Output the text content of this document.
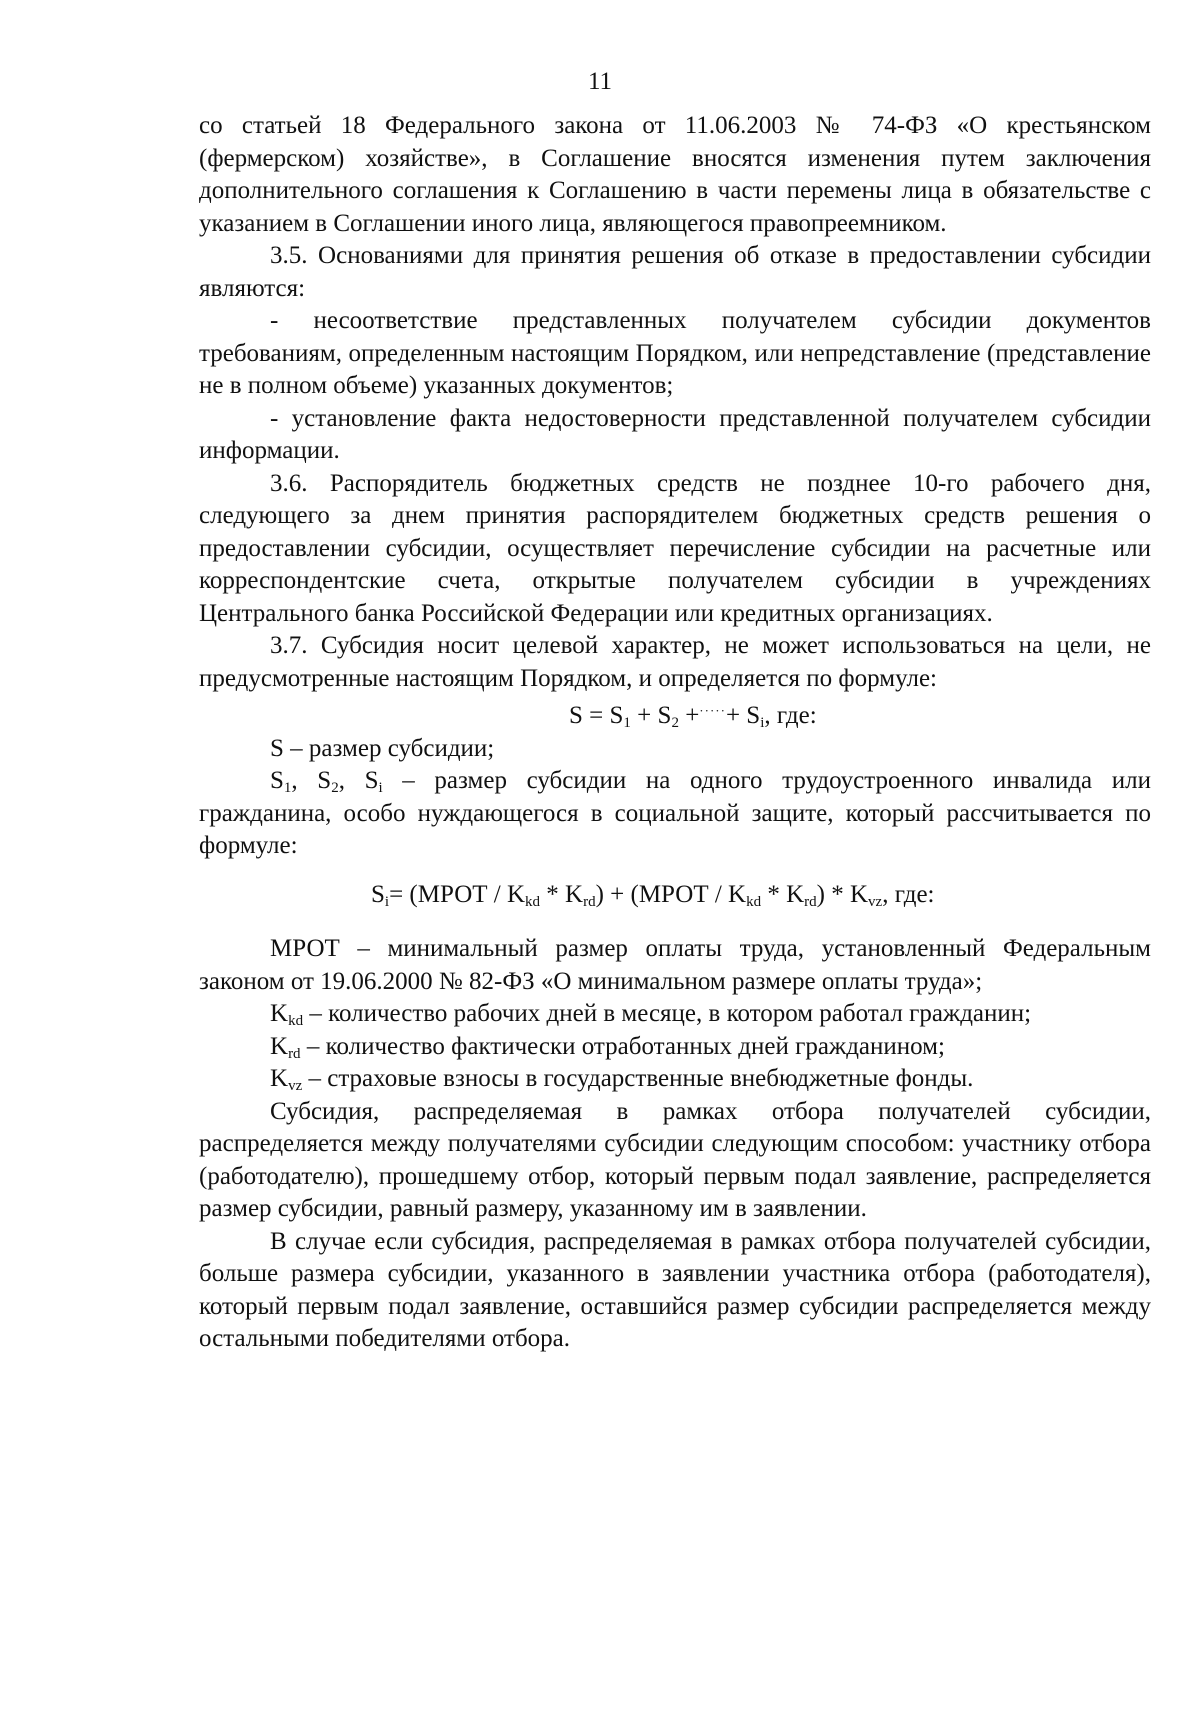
11

со статьей 18 Федерального закона от 11.06.2003 № 74-ФЗ «О крестьянском (фермерском) хозяйстве», в Соглашение вносятся изменения путем заключения дополнительного соглашения к Соглашению в части перемены лица в обязательстве с указанием в Соглашении иного лица, являющегося правопреемником.

3.5. Основаниями для принятия решения об отказе в предоставлении субсидии являются:

- несоответствие представленных получателем субсидии документов требованиям, определенным настоящим Порядком, или непредставление (представление не в полном объеме) указанных документов;

- установление факта недостоверности представленной получателем субсидии информации.

3.6. Распорядитель бюджетных средств не позднее 10-го рабочего дня, следующего за днем принятия распорядителем бюджетных средств решения о предоставлении субсидии, осуществляет перечисление субсидии на расчетные или корреспондентские счета, открытые получателем субсидии в учреждениях Центрального банка Российской Федерации или кредитных организациях.

3.7. Субсидия носит целевой характер, не может использоваться на цели, не предусмотренные настоящим Порядком, и определяется по формуле:

$S = S_1 + S_2 +^{\cdot\cdot\cdot\cdot\cdot}+ S_i$, где:

S – размер субсидии;

$S_1$, $S_2$, $S_i$ – размер субсидии на одного трудоустроенного инвалида или гражданина, особо нуждающегося в социальной защите, который рассчитывается по формуле:

$S_i=$ (МРОТ / $K_{kd} * K_{rd}$) + (МРОТ / $K_{kd} * K_{rd}) * K_{vz}$, где:

МРОТ – минимальный размер оплаты труда, установленный Федеральным законом от 19.06.2000 № 82-ФЗ «О минимальном размере оплаты труда»;

$K_{kd}$ – количество рабочих дней в месяце, в котором работал гражданин;

$K_{rd}$ – количество фактически отработанных дней гражданином;

$K_{vz}$ – страховые взносы в государственные внебюджетные фонды.

Субсидия, распределяемая в рамках отбора получателей субсидии, распределяется между получателями субсидии следующим способом: участнику отбора (работодателю), прошедшему отбор, который первым подал заявление, распределяется размер субсидии, равный размеру, указанному им в заявлении.

В случае если субсидия, распределяемая в рамках отбора получателей субсидии, больше размера субсидии, указанного в заявлении участника отбора (работодателя), который первым подал заявление, оставшийся размер субсидии распределяется между остальными победителями отбора.
